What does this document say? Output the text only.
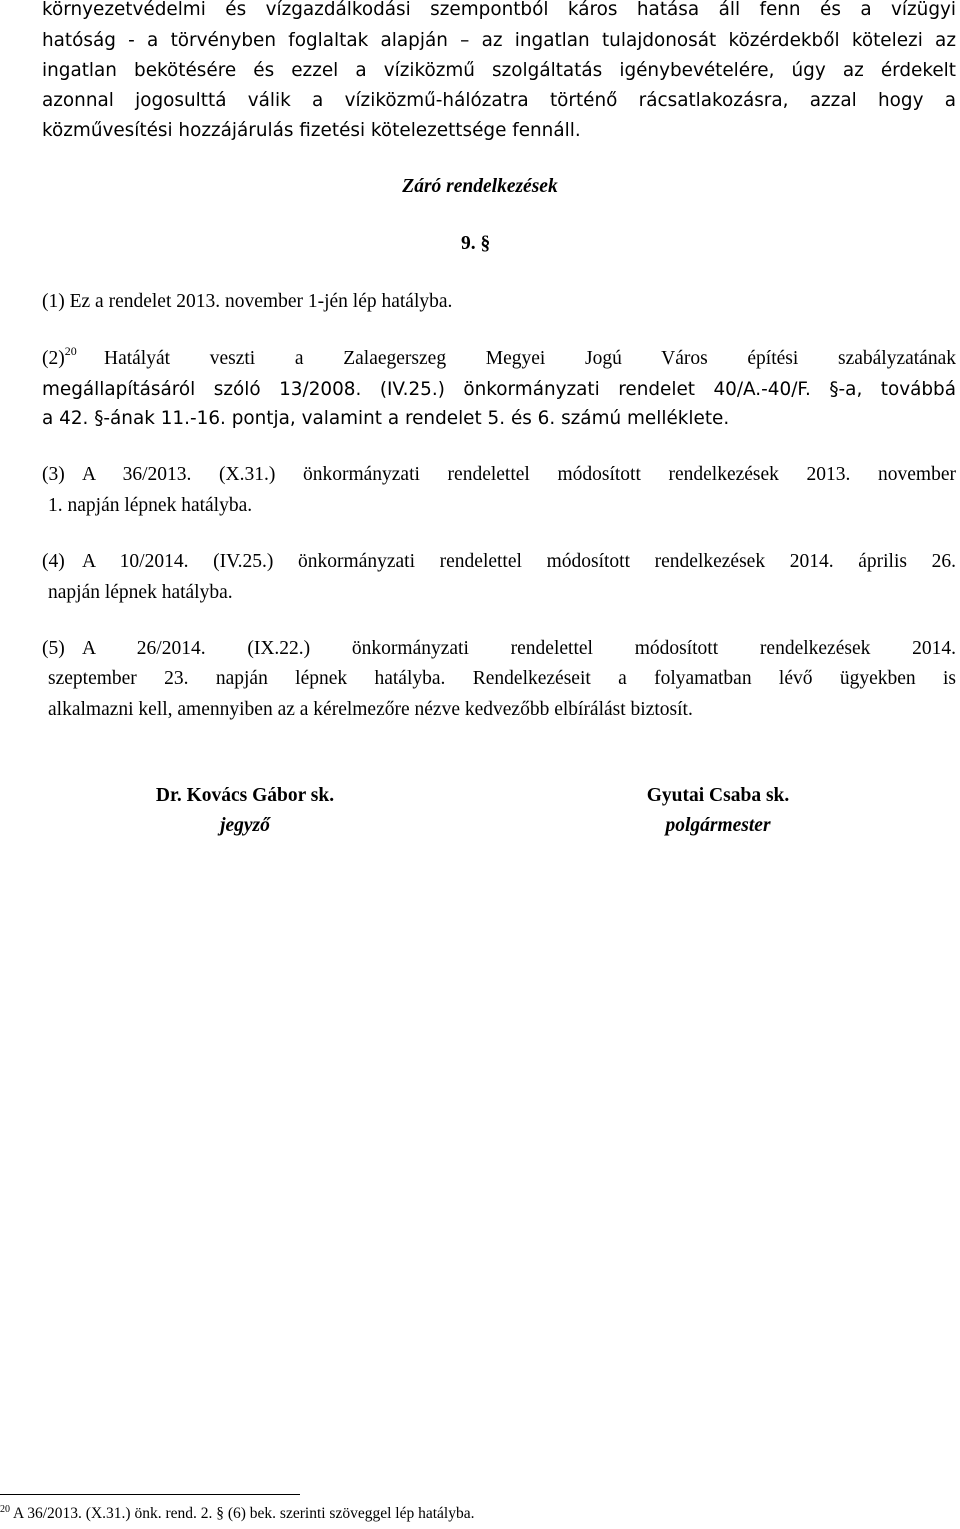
környezetvédelmi és vízgazdálkodási szempontból káros hatása áll fenn és a vízügyi
hatóság - a törvényben foglaltak alapján – az ingatlan tulajdonosát közérdekből kötelezi az
ingatlan bekötésére és ezzel a víziközmű szolgáltatás igénybevételére, úgy az érdekelt
azonnal jogosulttá válik a víziközmű-hálózatra történő rácsatlakozásra, azzal hogy a
közművesítési hozzájárulás fizetési kötelezettsége fennáll.
Záró rendelkezések
9. §
(1) Ez a rendelet 2013. november 1-jén lép hatályba.
$(2)^{20}$ Hatályát veszti a Zalaegerszeg Megyei Jogú Város építési szabályzatának
megállapításáról szóló 13/2008. (IV.25.) önkormányzati rendelet 40/A.-40/F. §-a, továbbá
a 42. §-ának 11.-16. pontja, valamint a rendelet 5. és 6. számú melléklete.
(3) A 36/2013. (X.31.) önkormányzati rendelettel módosított rendelkezések 2013. november
1. napján lépnek hatályba.
(4) A 10/2014. (IV.25.) önkormányzati rendelettel módosított rendelkezések 2014. április 26.
napján lépnek hatályba.
(5) A 26/2014. (IX.22.) önkormányzati rendelettel módosított rendelkezések 2014.
szeptember 23. napján lépnek hatályba. Rendelkezéseit a folyamatban lévő ügyekben is
alkalmazni kell, amennyiben az a kérelmezőre nézve kedvezőbb elbírálást biztosít.
Dr. Kovács Gábor sk.
jegyző
Gyutai Csaba sk.
polgármester
$^{20}$ A 36/2013. (X.31.) önk. rend. 2. § (6) bek. szerinti szöveggel lép hatályba.
